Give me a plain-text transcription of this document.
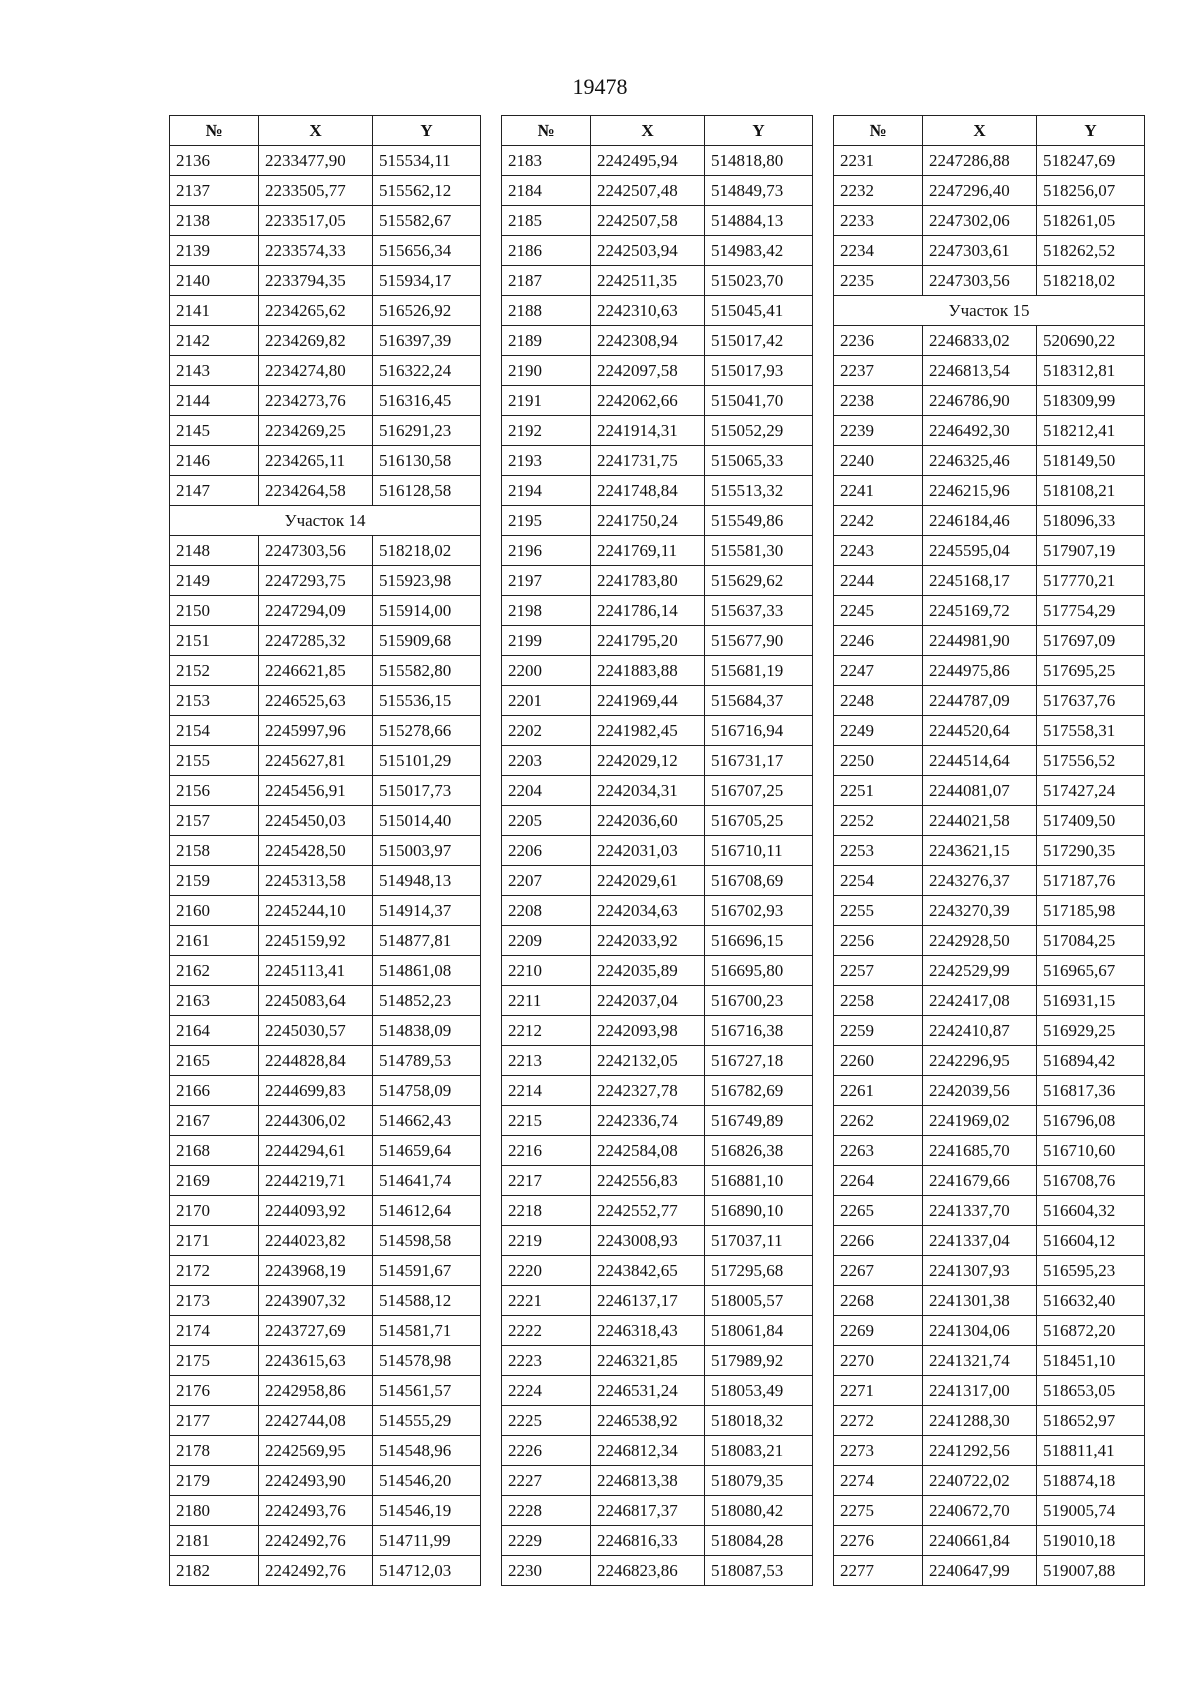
19478
№	X	Y
2136	2233477,90	515534,11
2137	2233505,77	515562,12
2138	2233517,05	515582,67
2139	2233574,33	515656,34
2140	2233794,35	515934,17
2141	2234265,62	516526,92
2142	2234269,82	516397,39
2143	2234274,80	516322,24
2144	2234273,76	516316,45
2145	2234269,25	516291,23
2146	2234265,11	516130,58
2147	2234264,58	516128,58
Участок 14		
2148	2247303,56	518218,02
2149	2247293,75	515923,98
2150	2247294,09	515914,00
2151	2247285,32	515909,68
2152	2246621,85	515582,80
2153	2246525,63	515536,15
2154	2245997,96	515278,66
2155	2245627,81	515101,29
2156	2245456,91	515017,73
2157	2245450,03	515014,40
2158	2245428,50	515003,97
2159	2245313,58	514948,13
2160	2245244,10	514914,37
2161	2245159,92	514877,81
2162	2245113,41	514861,08
2163	2245083,64	514852,23
2164	2245030,57	514838,09
2165	2244828,84	514789,53
2166	2244699,83	514758,09
2167	2244306,02	514662,43
2168	2244294,61	514659,64
2169	2244219,71	514641,74
2170	2244093,92	514612,64
2171	2244023,82	514598,58
2172	2243968,19	514591,67
2173	2243907,32	514588,12
2174	2243727,69	514581,71
2175	2243615,63	514578,98
2176	2242958,86	514561,57
2177	2242744,08	514555,29
2178	2242569,95	514548,96
2179	2242493,90	514546,20
2180	2242493,76	514546,19
2181	2242492,76	514711,99
2182	2242492,76	514712,03
№	X	Y
2183	2242495,94	514818,80
2184	2242507,48	514849,73
2185	2242507,58	514884,13
2186	2242503,94	514983,42
2187	2242511,35	515023,70
2188	2242310,63	515045,41
2189	2242308,94	515017,42
2190	2242097,58	515017,93
2191	2242062,66	515041,70
2192	2241914,31	515052,29
2193	2241731,75	515065,33
2194	2241748,84	515513,32
2195	2241750,24	515549,86
2196	2241769,11	515581,30
2197	2241783,80	515629,62
2198	2241786,14	515637,33
2199	2241795,20	515677,90
2200	2241883,88	515681,19
2201	2241969,44	515684,37
2202	2241982,45	516716,94
2203	2242029,12	516731,17
2204	2242034,31	516707,25
2205	2242036,60	516705,25
2206	2242031,03	516710,11
2207	2242029,61	516708,69
2208	2242034,63	516702,93
2209	2242033,92	516696,15
2210	2242035,89	516695,80
2211	2242037,04	516700,23
2212	2242093,98	516716,38
2213	2242132,05	516727,18
2214	2242327,78	516782,69
2215	2242336,74	516749,89
2216	2242584,08	516826,38
2217	2242556,83	516881,10
2218	2242552,77	516890,10
2219	2243008,93	517037,11
2220	2243842,65	517295,68
2221	2246137,17	518005,57
2222	2246318,43	518061,84
2223	2246321,85	517989,92
2224	2246531,24	518053,49
2225	2246538,92	518018,32
2226	2246812,34	518083,21
2227	2246813,38	518079,35
2228	2246817,37	518080,42
2229	2246816,33	518084,28
2230	2246823,86	518087,53
№	X	Y
2231	2247286,88	518247,69
2232	2247296,40	518256,07
2233	2247302,06	518261,05
2234	2247303,61	518262,52
2235	2247303,56	518218,02
Участок 15		
2236	2246833,02	520690,22
2237	2246813,54	518312,81
2238	2246786,90	518309,99
2239	2246492,30	518212,41
2240	2246325,46	518149,50
2241	2246215,96	518108,21
2242	2246184,46	518096,33
2243	2245595,04	517907,19
2244	2245168,17	517770,21
2245	2245169,72	517754,29
2246	2244981,90	517697,09
2247	2244975,86	517695,25
2248	2244787,09	517637,76
2249	2244520,64	517558,31
2250	2244514,64	517556,52
2251	2244081,07	517427,24
2252	2244021,58	517409,50
2253	2243621,15	517290,35
2254	2243276,37	517187,76
2255	2243270,39	517185,98
2256	2242928,50	517084,25
2257	2242529,99	516965,67
2258	2242417,08	516931,15
2259	2242410,87	516929,25
2260	2242296,95	516894,42
2261	2242039,56	516817,36
2262	2241969,02	516796,08
2263	2241685,70	516710,60
2264	2241679,66	516708,76
2265	2241337,70	516604,32
2266	2241337,04	516604,12
2267	2241307,93	516595,23
2268	2241301,38	516632,40
2269	2241304,06	516872,20
2270	2241321,74	518451,10
2271	2241317,00	518653,05
2272	2241288,30	518652,97
2273	2241292,56	518811,41
2274	2240722,02	518874,18
2275	2240672,70	519005,74
2276	2240661,84	519010,18
2277	2240647,99	519007,88
